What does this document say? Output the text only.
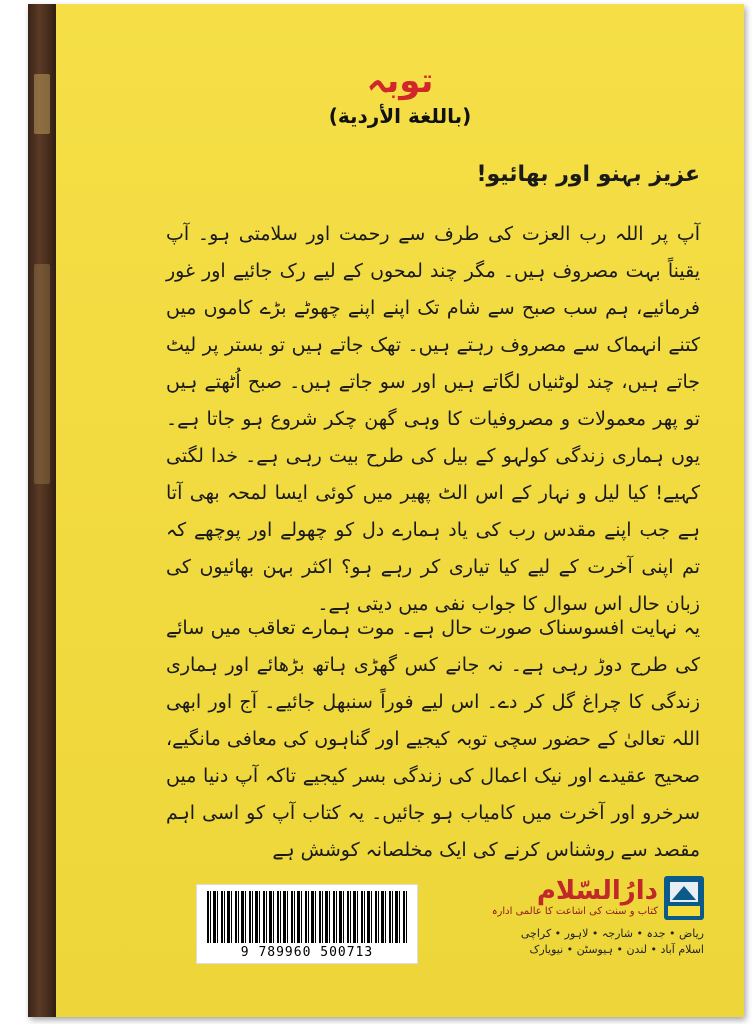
توبہ
(باللغة الأردية)
عزیز بہنو اور بھائیو!
آپ پر اللہ رب العزت کی طرف سے رحمت اور سلامتی ہو۔ آپ یقیناً بہت مصروف ہیں۔ مگر چند لمحوں کے لیے رک جائیے اور غور فرمائیے، ہم سب صبح سے شام تک اپنے اپنے چھوٹے بڑے کاموں میں کتنے انہماک سے مصروف رہتے ہیں۔ تھک جاتے ہیں تو بستر پر لیٹ جاتے ہیں، چند لوٹنیاں لگاتے ہیں اور سو جاتے ہیں۔ صبح اُٹھتے ہیں تو پھر معمولات و مصروفیات کا وہی گھن چکر شروع ہو جاتا ہے۔ یوں ہماری زندگی کولہو کے بیل کی طرح بیت رہی ہے۔ خدا لگتی کہیے! کیا لیل و نہار کے اس الٹ پھیر میں کوئی ایسا لمحہ بھی آتا ہے جب اپنے مقدس رب کی یاد ہمارے دل کو چھولے اور پوچھے کہ تم اپنی آخرت کے لیے کیا تیاری کر رہے ہو؟ اکثر بہن بھائیوں کی زبان حال اس سوال کا جواب نفی میں دیتی ہے۔
یہ نہایت افسوسناک صورت حال ہے۔ موت ہمارے تعاقب میں سائے کی طرح دوڑ رہی ہے۔ نہ جانے کس گھڑی ہاتھ بڑھائے اور ہماری زندگی کا چراغ گل کر دے۔ اس لیے فوراً سنبھل جائیے۔ آج اور ابھی اللہ تعالیٰ کے حضور سچی توبہ کیجیے اور گناہوں کی معافی مانگیے، صحیح عقیدے اور نیک اعمال کی زندگی بسر کیجیے تاکہ آپ دنیا میں سرخرو اور آخرت میں کامیاب ہو جائیں۔ یہ کتاب آپ کو اسی اہم مقصد سے روشناس کرنے کی ایک مخلصانہ کوشش ہے
9 789960 500713
دارُالسّلام
کتاب و سنت کی اشاعت کا عالمی ادارہ
ریاض • جدہ • شارجہ • لاہور • کراچی
اسلام آباد • لندن • ہیوسٹن • نیویارک
